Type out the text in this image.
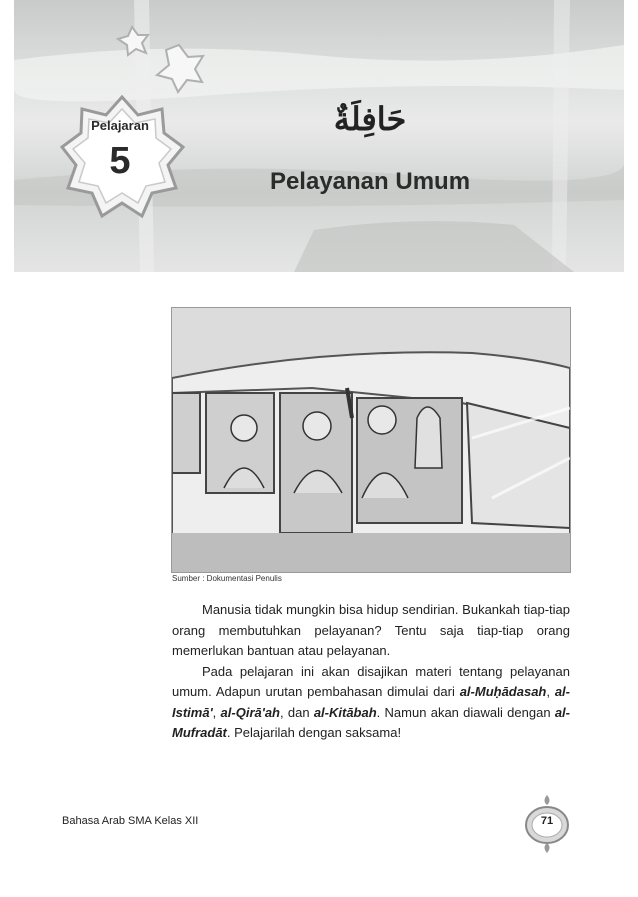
Pelajaran
5
حَافِلَةٌ
Pelayanan Umum
Sumber : Dokumentasi Penulis

Manusia tidak mungkin bisa hidup sendirian. Bukankah tiap-tiap orang membutuhkan pelayanan? Tentu saja tiap-tiap orang memerlukan bantuan atau pelayanan.

Pada pelajaran ini akan disajikan materi tentang pelayanan umum. Adapun urutan pembahasan dimulai dari al-Muḥādasah, al-Istimā', al-Qirā'ah, dan al-Kitābah. Namun akan diawali dengan al-Mufradāt. Pelajarilah dengan saksama!

Bahasa Arab SMA Kelas XII	71
